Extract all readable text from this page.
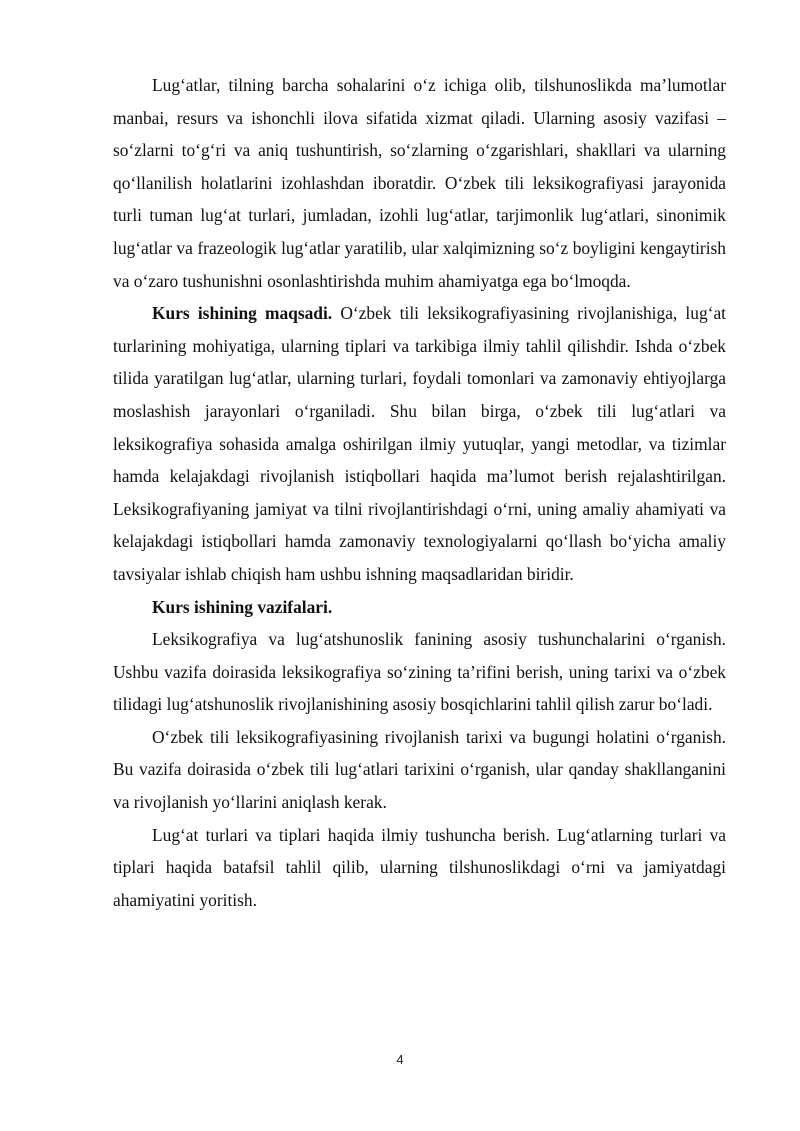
Lug‘atlar, tilning barcha sohalarini o‘z ichiga olib, tilshunoslikda ma’lumotlar manbai, resurs va ishonchli ilova sifatida xizmat qiladi. Ularning asosiy vazifasi – so‘zlarni to‘g‘ri va aniq tushuntirish, so‘zlarning o‘zgarishlari, shakllari va ularning qo‘llanilish holatlarini izohlashdan iboratdir. O‘zbek tili leksikografiyasi jarayonida turli tuman lug‘at turlari, jumladan, izohli lug‘atlar, tarjimonlik lug‘atlari, sinonimik lug‘atlar va frazeologik lug‘atlar yaratilib, ular xalqimizning so‘z boyligini kengaytirish va o‘zaro tushunishni osonlashtirishda muhim ahamiyatga ega bo‘lmoqda.

Kurs ishining maqsadi. O‘zbek tili leksikografiyasining rivojlanishiga, lug‘at turlarining mohiyatiga, ularning tiplari va tarkibiga ilmiy tahlil qilishdir. Ishda o‘zbek tilida yaratilgan lug‘atlar, ularning turlari, foydali tomonlari va zamonaviy ehtiyojlarga moslashish jarayonlari o‘rganiladi. Shu bilan birga, o‘zbek tili lug‘atlari va leksikografiya sohasida amalga oshirilgan ilmiy yutuqlar, yangi metodlar, va tizimlar hamda kelajakdagi rivojlanish istiqbollari haqida ma’lumot berish rejalashtirilgan. Leksikografiyaning jamiyat va tilni rivojlantirishdagi o‘rni, uning amaliy ahamiyati va kelajakdagi istiqbollari hamda zamonaviy texnologiyalarni qo‘llash bo‘yicha amaliy tavsiyalar ishlab chiqish ham ushbu ishning maqsadlaridan biridir.

Kurs ishining vazifalari.

Leksikografiya va lug‘atshunoslik fanining asosiy tushunchalarini o‘rganish. Ushbu vazifa doirasida leksikografiya so‘zining ta’rifini berish, uning tarixi va o‘zbek tilidagi lug‘atshunoslik rivojlanishining asosiy bosqichlarini tahlil qilish zarur bo‘ladi.

O‘zbek tili leksikografiyasining rivojlanish tarixi va bugungi holatini o‘rganish. Bu vazifa doirasida o‘zbek tili lug‘atlari tarixini o‘rganish, ular qanday shakllanganini va rivojlanish yo‘llarini aniqlash kerak.

Lug‘at turlari va tiplari haqida ilmiy tushuncha berish. Lug‘atlarning turlari va tiplari haqida batafsil tahlil qilib, ularning tilshunoslikdagi o‘rni va jamiyatdagi ahamiyatini yoritish.

4
